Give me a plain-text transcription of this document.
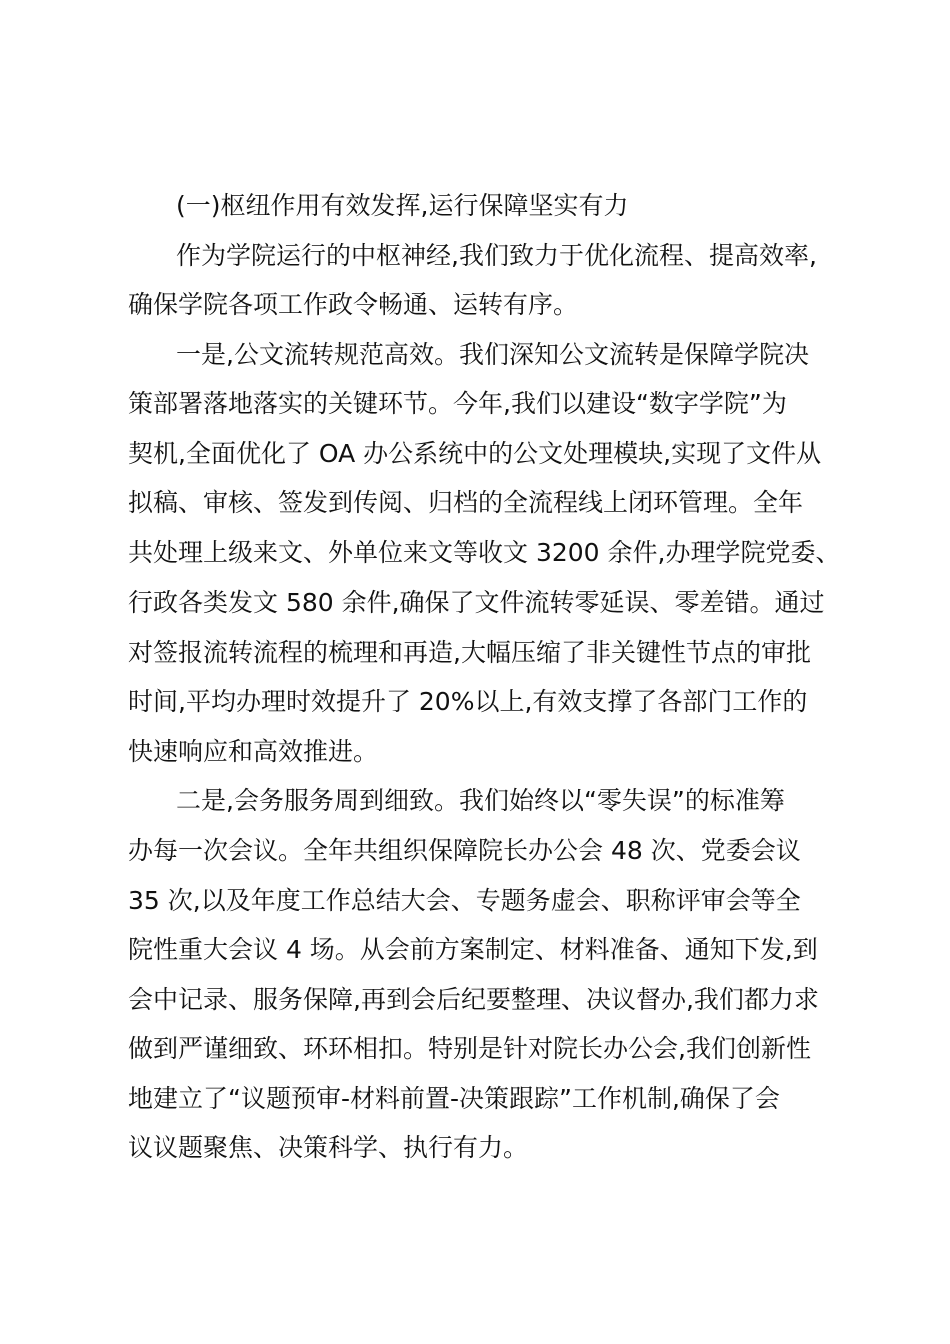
(一)枢纽作用有效发挥,运行保障坚实有力
作为学院运行的中枢神经,我们致力于优化流程、提高效率,
确保学院各项工作政令畅通、运转有序。
一是,公文流转规范高效。我们深知公文流转是保障学院决
策部署落地落实的关键环节。今年,我们以建设“数字学院”为
契机,全面优化了 OA 办公系统中的公文处理模块,实现了文件从
拟稿、审核、签发到传阅、归档的全流程线上闭环管理。全年
共处理上级来文、外单位来文等收文 3200 余件,办理学院党委、
行政各类发文 580 余件,确保了文件流转零延误、零差错。通过
对签报流转流程的梳理和再造,大幅压缩了非关键性节点的审批
时间,平均办理时效提升了 20%以上,有效支撑了各部门工作的
快速响应和高效推进。
二是,会务服务周到细致。我们始终以“零失误”的标准筹
办每一次会议。全年共组织保障院长办公会 48 次、党委会议
35 次,以及年度工作总结大会、专题务虚会、职称评审会等全
院性重大会议 4 场。从会前方案制定、材料准备、通知下发,到
会中记录、服务保障,再到会后纪要整理、决议督办,我们都力求
做到严谨细致、环环相扣。特别是针对院长办公会,我们创新性
地建立了“议题预审-材料前置-决策跟踪”工作机制,确保了会
议议题聚焦、决策科学、执行有力。
